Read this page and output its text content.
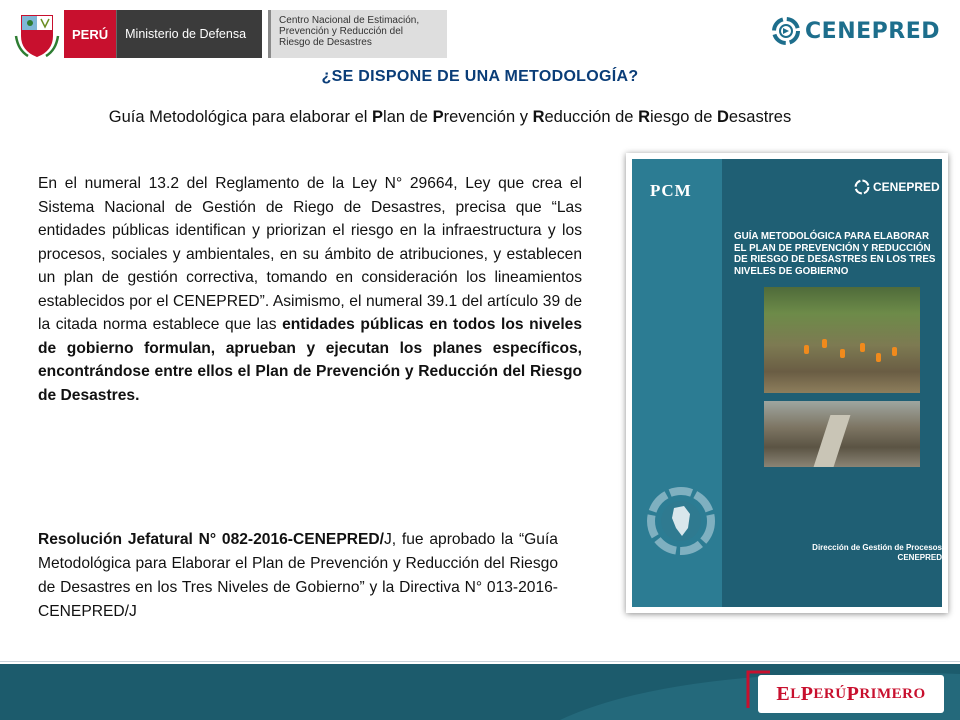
PERÚ	Ministerio de Defensa
Centro Nacional de Estimación,
Prevención y Reducción del
Riesgo de Desastres	CENEPRED
¿SE DISPONE DE UNA METODOLOGÍA?
Guía Metodológica para elaborar el Plan de Prevención y Reducción de Riesgo de Desastres

En el numeral 13.2 del Reglamento de la Ley N° 29664, Ley que crea el Sistema Nacional de Gestión de Riego de Desastres, precisa que “Las entidades públicas identifican y priorizan el riesgo en la infraestructura y los procesos, sociales y ambientales, en su ámbito de atribuciones, y establecen un plan de gestión correctiva, tomando en consideración los lineamientos establecidos por el CENEPRED”. Asimismo, el numeral 39.1 del artículo 39 de la citada norma establece que las entidades públicas en todos los niveles de gobierno formulan, aprueban y ejecutan los planes específicos, encontrándose entre ellos el Plan de Prevención y Reducción del Riesgo de Desastres.

Resolución Jefatural N° 082-2016-CENEPRED/J, fue aprobado la “Guía Metodológica para Elaborar el Plan de Prevención y Reducción del Riesgo de Desastres en los Tres Niveles de Gobierno” y la Directiva N° 013-2016-CENEPRED/J

PCM	CENEPRED
GUÍA METODOLÓGICA PARA ELABORAR EL PLAN DE PREVENCIÓN Y REDUCCIÓN DE RIESGO DE DESASTRES EN LOS TRES NIVELES DE GOBIERNO
Dirección de Gestión de Procesos
CENEPRED
E L P ERÚ P RIMERO
